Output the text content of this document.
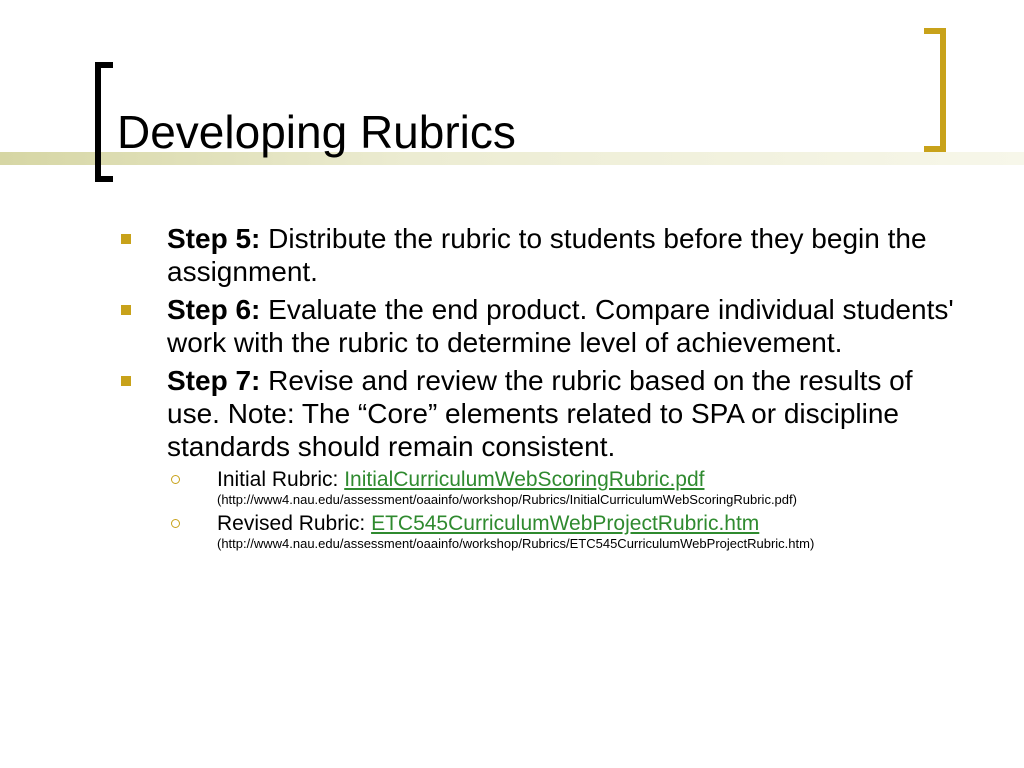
Developing Rubrics
Step 5: Distribute the rubric to students before they begin the assignment.
Step 6: Evaluate the end product. Compare individual students' work with the rubric to determine level of achievement.
Step 7: Revise and review the rubric based on the results of use. Note: The “Core” elements related to SPA or discipline standards should remain consistent.
Initial Rubric: InitialCurriculumWebScoringRubric.pdf
(http://www4.nau.edu/assessment/oaainfo/workshop/Rubrics/InitialCurriculumWebScoringRubric.pdf)
Revised Rubric: ETC545CurriculumWebProjectRubric.htm
(http://www4.nau.edu/assessment/oaainfo/workshop/Rubrics/ETC545CurriculumWebProjectRubric.htm)
